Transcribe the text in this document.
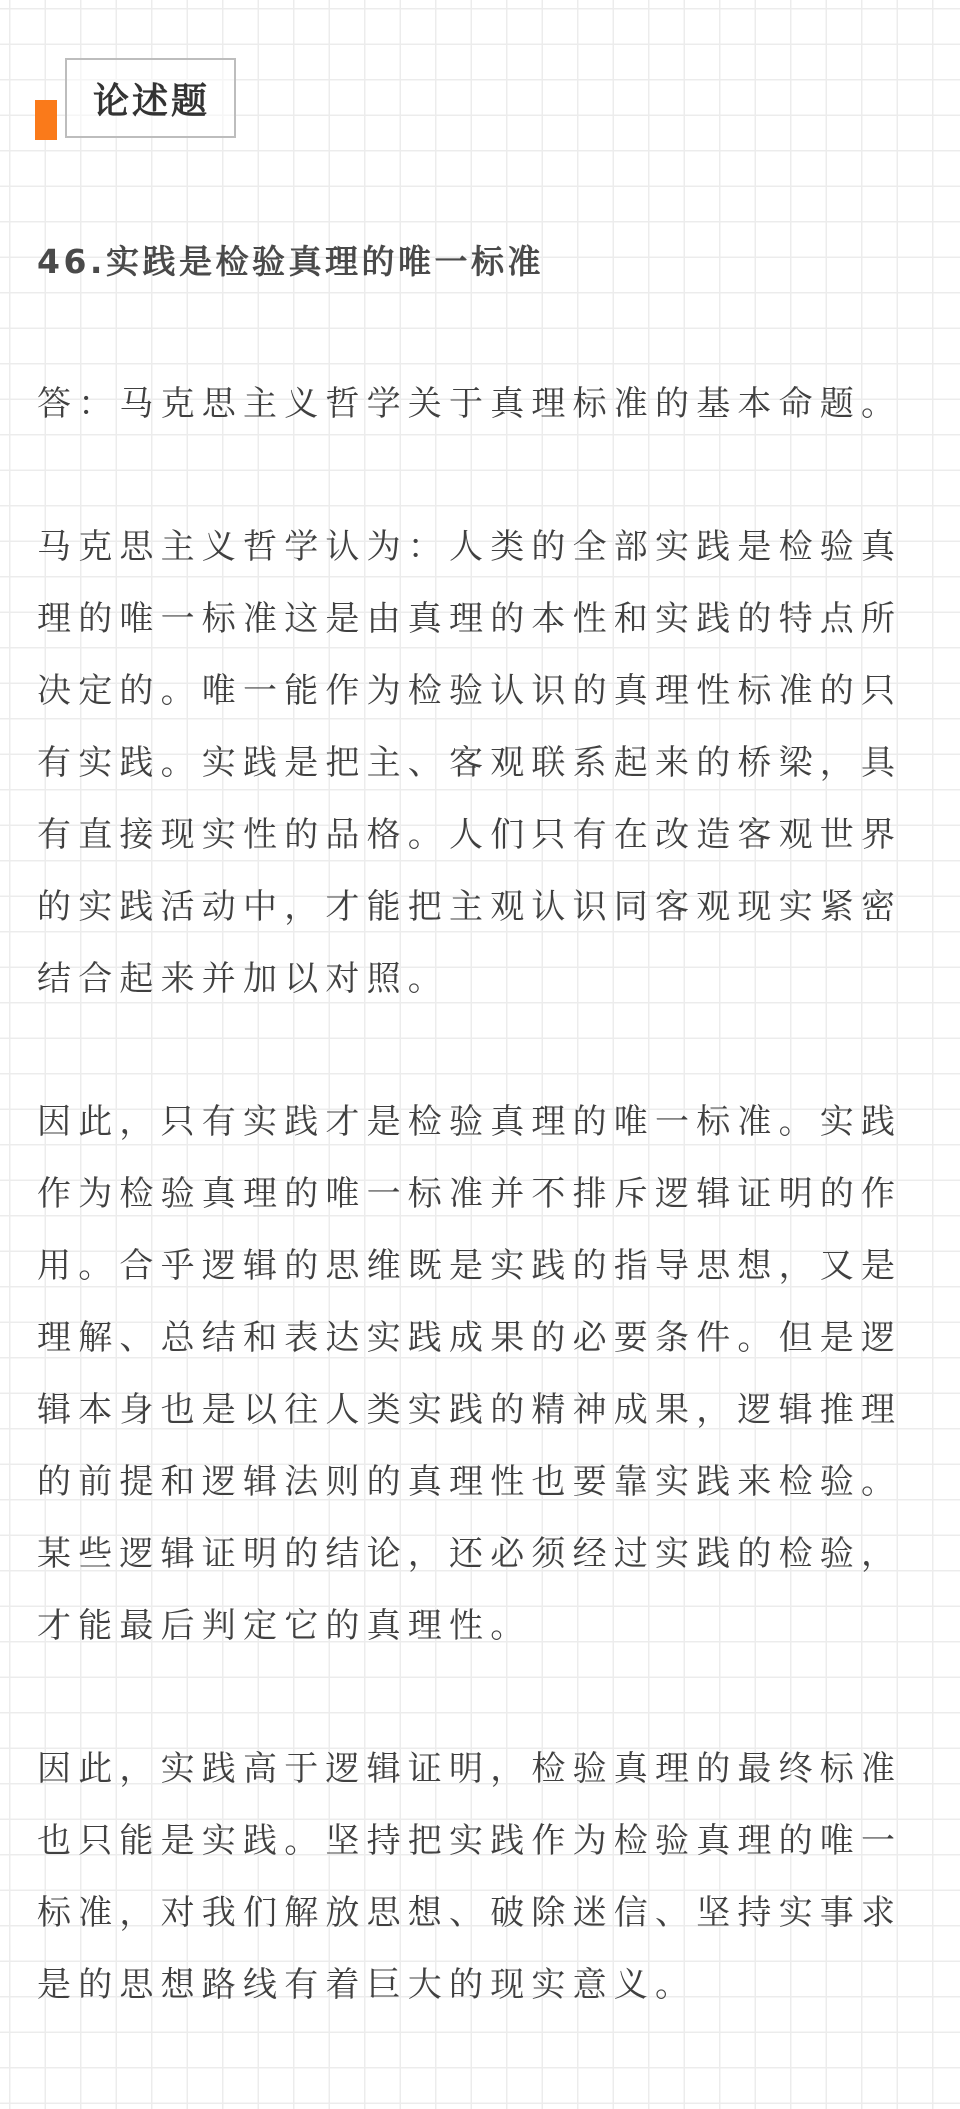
论述题
46.实践是检验真理的唯一标准

答：马克思主义哲学关于真理标准的基本命题。

马克思主义哲学认为：人类的全部实践是检验真理的唯一标准这是由真理的本性和实践的特点所决定的。唯一能作为检验认识的真理性标准的只有实践。实践是把主、客观联系起来的桥梁，具有直接现实性的品格。人们只有在改造客观世界的实践活动中，才能把主观认识同客观现实紧密结合起来并加以对照。

因此，只有实践才是检验真理的唯一标准。实践作为检验真理的唯一标准并不排斥逻辑证明的作用。合乎逻辑的思维既是实践的指导思想，又是理解、总结和表达实践成果的必要条件。但是逻辑本身也是以往人类实践的精神成果，逻辑推理的前提和逻辑法则的真理性也要靠实践来检验。某些逻辑证明的结论，还必须经过实践的检验，才能最后判定它的真理性。

因此，实践高于逻辑证明，检验真理的最终标准也只能是实践。坚持把实践作为检验真理的唯一标准，对我们解放思想、破除迷信、坚持实事求是的思想路线有着巨大的现实意义。
